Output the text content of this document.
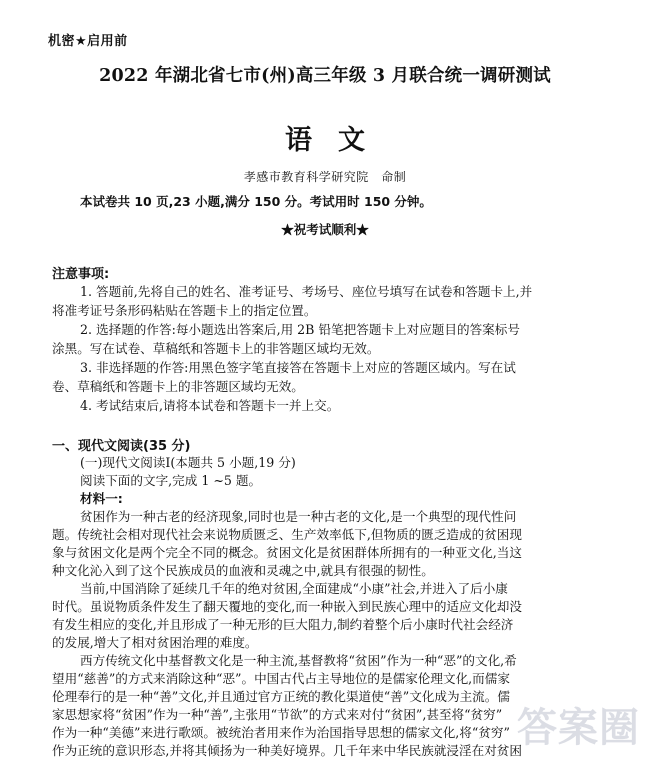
机密★启用前
2022 年湖北省七市(州)高三年级 3 月联合统一调研测试
语文
孝感市教育科学研究院　命制
本试卷共 10 页,23 小题,满分 150 分。考试用时 150 分钟。
★祝考试顺利★
注意事项:
1. 答题前,先将自己的姓名、准考证号、考场号、座位号填写在试卷和答题卡上,并
将准考证号条形码粘贴在答题卡上的指定位置。
2. 选择题的作答:每小题选出答案后,用 2B 铅笔把答题卡上对应题目的答案标号
涂黑。写在试卷、草稿纸和答题卡上的非答题区域均无效。
3. 非选择题的作答:用黑色签字笔直接答在答题卡上对应的答题区域内。写在试
卷、草稿纸和答题卡上的非答题区域均无效。
4. 考试结束后,请将本试卷和答题卡一并上交。
一、现代文阅读(35 分)
(一)现代文阅读Ⅰ(本题共 5 小题,19 分)
阅读下面的文字,完成 1 ~5 题。
材料一:
贫困作为一种古老的经济现象,同时也是一种古老的文化,是一个典型的现代性问
题。传统社会相对现代社会来说物质匮乏、生产效率低下,但物质的匮乏造成的贫困现
象与贫困文化是两个完全不同的概念。贫困文化是贫困群体所拥有的一种亚文化,当这
种文化沁入到了这个民族成员的血液和灵魂之中,就具有很强的韧性。
当前,中国消除了延续几千年的绝对贫困,全面建成“小康”社会,并进入了后小康
时代。虽说物质条件发生了翻天覆地的变化,而一种嵌入到民族心理中的适应文化却没
有发生相应的变化,并且形成了一种无形的巨大阻力,制约着整个后小康时代社会经济
的发展,增大了相对贫困治理的难度。
西方传统文化中基督教文化是一种主流,基督教将“贫困”作为一种“恶”的文化,希
望用“慈善”的方式来消除这种“恶”。中国古代占主导地位的是儒家伦理文化,而儒家
伦理奉行的是一种“善”文化,并且通过官方正统的教化渠道使“善”文化成为主流。儒
家思想家将“贫困”作为一种“善”,主张用“节欲”的方式来对付“贫困”,甚至将“贫穷”
作为一种“美德”来进行歌颂。被统治者用来作为治国指导思想的儒家文化,将“贫穷”
作为正统的意识形态,并将其倾扬为一种美好境界。几千年来中华民族就浸淫在对贫困
答案圈
